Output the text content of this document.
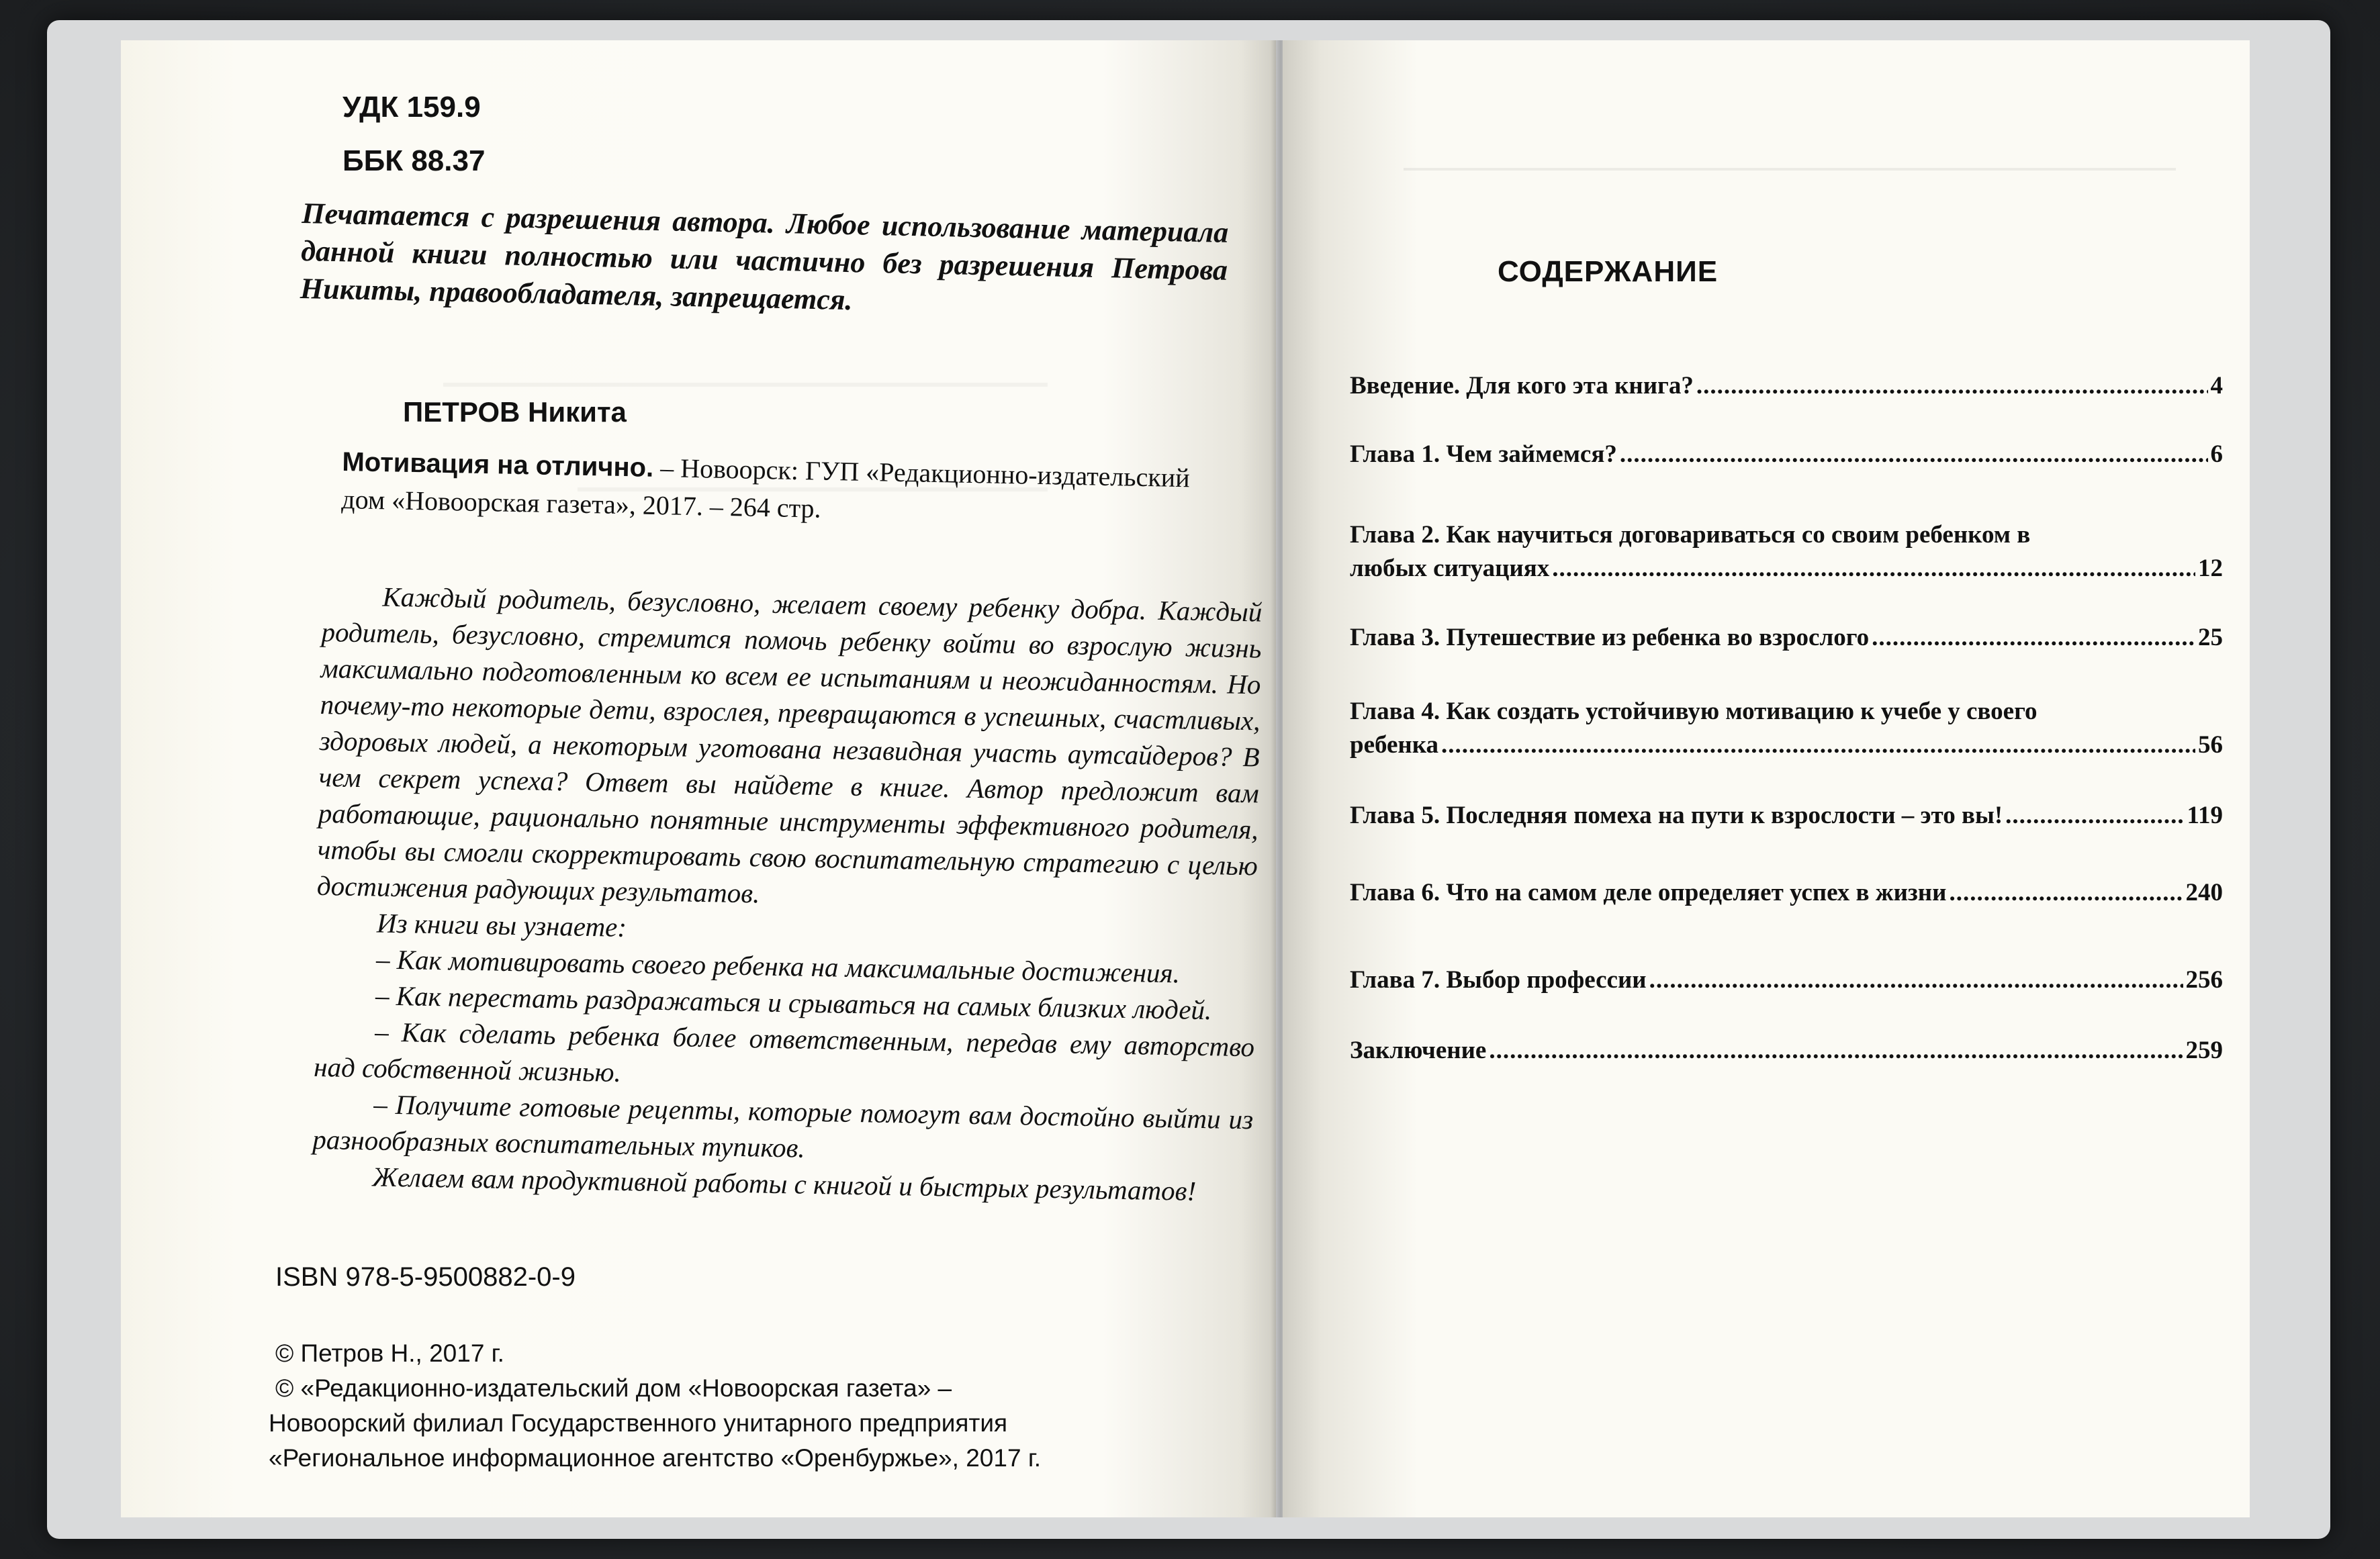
УДК 159.9
ББК 88.37
Печатается с разрешения автора. Любое использование материала данной книги полностью или частично без разрешения Петрова Никиты, правообладателя, запрещается.
ПЕТРОВ Никита
Мотивация на отлично. – Новоорск: ГУП «Редакционно-издательский дом «Новоорская газета», 2017. – 264 стр.

Каждый родитель, безусловно, желает своему ребенку добра. Каждый родитель, безусловно, стремится помочь ребенку войти во взрослую жизнь максимально подготовленным ко всем ее испытаниям и неожиданностям. Но почему-то некоторые дети, взрослея, превращаются в успешных, счастливых, здоровых людей, а некоторым уготована незавидная участь аутсайдеров? В чем секрет успеха? Ответ вы найдете в книге. Автор предложит вам работающие, рационально понятные инструменты эффективного родителя, чтобы вы смогли скорректировать свою воспитательную стратегию с целью достижения радующих результатов.

Из книги вы узнаете:

– Как мотивировать своего ребенка на максимальные достижения.

– Как перестать раздражаться и срываться на самых близких людей.

– Как сделать ребенка более ответственным, передав ему авторство над собственной жизнью.

– Получите готовые рецепты, которые помогут вам достойно выйти из разнообразных воспитательных тупиков.

Желаем вам продуктивной работы с книгой и быстрых результатов!

ISBN 978-5-9500882-0-9
© Петров Н., 2017 г.
© «Редакционно-издательский дом «Новоорская газета» –
Новоорский филиал Государственного унитарного предприятия
«Региональное информационное агентство «Оренбуржье», 2017 г.
СОДЕРЖАНИЕ
Введение. Для кого эта книга? .....	4
Глава 1. Чем займемся? .....	6
Глава 2. Как научиться договариваться со своим ребенком в
любых ситуациях .....	12
Глава 3. Путешествие из ребенка во взрослого .....	25
Глава 4. Как создать устойчивую мотивацию к учебе у своего
ребенка .....	56
Глава 5. Последняя помеха на пути к взрослости – это вы! .....	119
Глава 6. Что на самом деле определяет успех в жизни .....	240
Глава 7. Выбор профессии .....	256
Заключение .....	259
